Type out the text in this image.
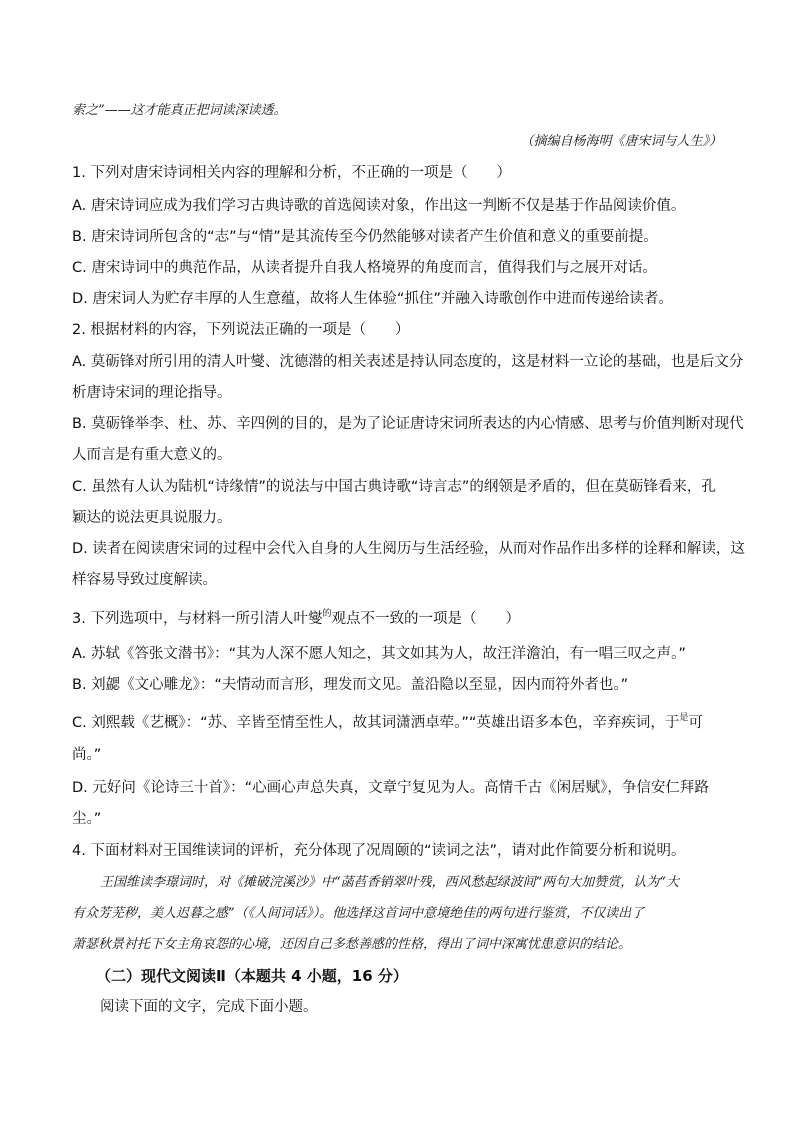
索之”——这才能真正把词读深读透。
（摘编自杨海明《唐宋词与人生》）
1. 下列对唐宋诗词相关内容的理解和分析，不正确的一项是（　　）
A. 唐宋诗词应成为我们学习古典诗歌的首选阅读对象，作出这一判断不仅是基于作品阅读价值。
B. 唐宋诗词所包含的“志”与“情”是其流传至今仍然能够对读者产生价值和意义的重要前提。
C. 唐宋诗词中的典范作品，从读者提升自我人格境界的角度而言，值得我们与之展开对话。
D. 唐宋词人为贮存丰厚的人生意蕴，故将人生体验“抓住”并融入诗歌创作中进而传递给读者。
2. 根据材料的内容，下列说法正确的一项是（　　）
A. 莫砺锋对所引用的清人叶燮、沈德潜的相关表述是持认同态度的，这是材料一立论的基础，也是后文分
析唐诗宋词的理论指导。
B. 莫砺锋举李、杜、苏、辛四例的目的，是为了论证唐诗宋词所表达的内心情感、思考与价值判断对现代
人而言是有重大意义的。
C. 虽然有人认为陆机“诗缘情”的说法与中国古典诗歌“诗言志”的纲领是矛盾的，但在莫砺锋看来，孔
颖达的说法更具说服力。
D. 读者在阅读唐宋词的过程中会代入自身的人生阅历与生活经验，从而对作品作出多样的诠释和解读，这
样容易导致过度解读。
3. 下列选项中，与材料一所引清人叶燮$^的$观点不一致的一项是（　　）
A. 苏轼《答张文潜书》：“其为人深不愿人知之，其文如其为人，故汪洋澹泊，有一唱三叹之声。”
B. 刘勰《文心雕龙》：“夫情动而言形，理发而文见。盖沿隐以至显，因内而符外者也。”
C. 刘熙载《艺概》：“苏、辛皆至情至性人，故其词潇洒卓荦。”“英雄出语多本色，辛弃疾词，于$^是$可
尚。”
D. 元好问《论诗三十首》：“心画心声总失真，文章宁复见为人。高情千古《闲居赋》，争信安仁拜路
尘。”
4. 下面材料对王国维读词的评析，充分体现了况周颐的“读词之法”，请对此作简要分析和说明。
王国维读李璟词时，对《摊破浣溪沙》中“菡萏香销翠叶残，西风愁起绿波间”两句大加赞赏，认为“大
有众芳芜秽，美人迟暮之感”（《人间词话》）。他选择这首词中意境绝佳的两句进行鉴赏，不仅读出了
萧瑟秋景衬托下女主角哀怨的心境，还因自己多愁善感的性格，得出了词中深寓忧患意识的结论。
（二）现代文阅读Ⅱ（本题共 4 小题，16 分）
阅读下面的文字，完成下面小题。
